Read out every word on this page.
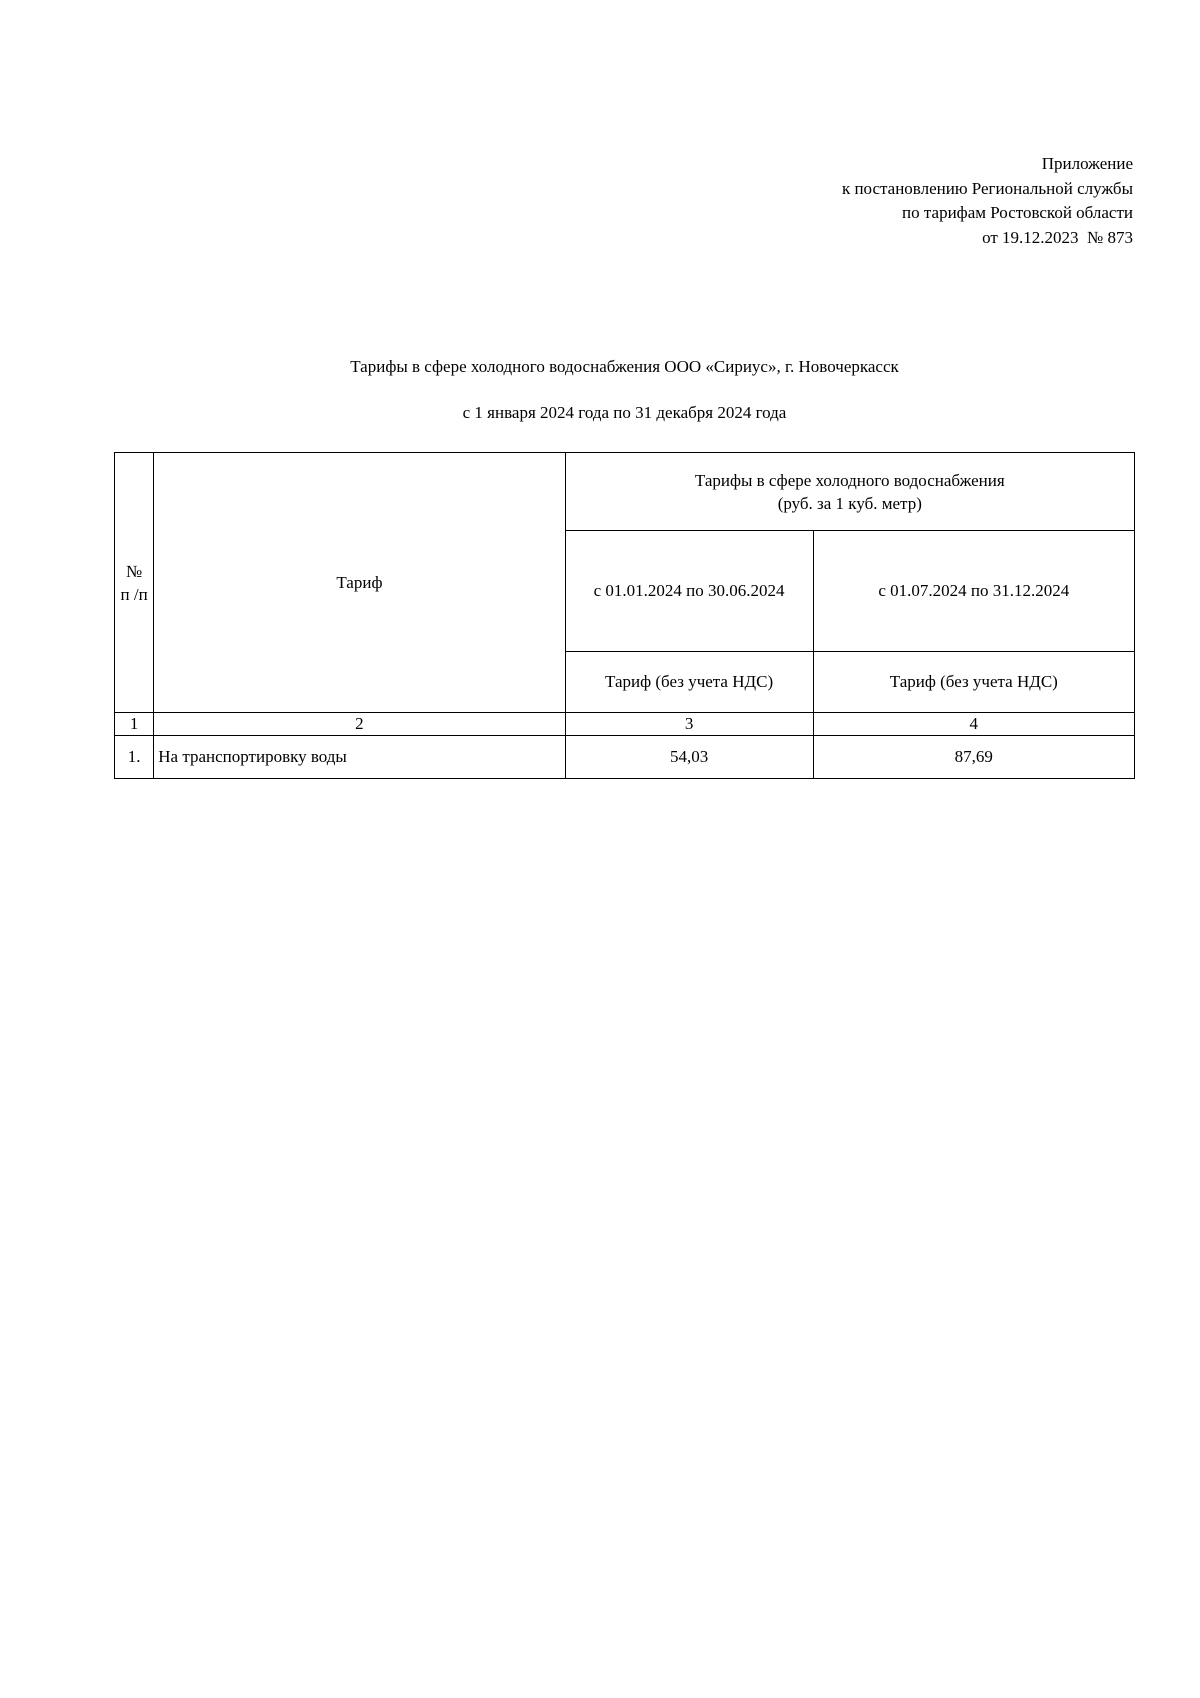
Приложение
к постановлению Региональной службы
по тарифам Ростовской области
от 19.12.2023  № 873
Тарифы в сфере холодного водоснабжения ООО «Сириус», г. Новочеркасск
с 1 января 2024 года по 31 декабря 2024 года
№
п /п	Тариф	Тарифы в сфере холодного водоснабжения
(руб. за 1 куб. метр)	
		с 01.01.2024 по 30.06.2024	с 01.07.2024 по 31.12.2024
		Тариф (без учета НДС)	Тариф (без учета НДС)
1	2	3	4
1.	На транспортировку воды	54,03	87,69
